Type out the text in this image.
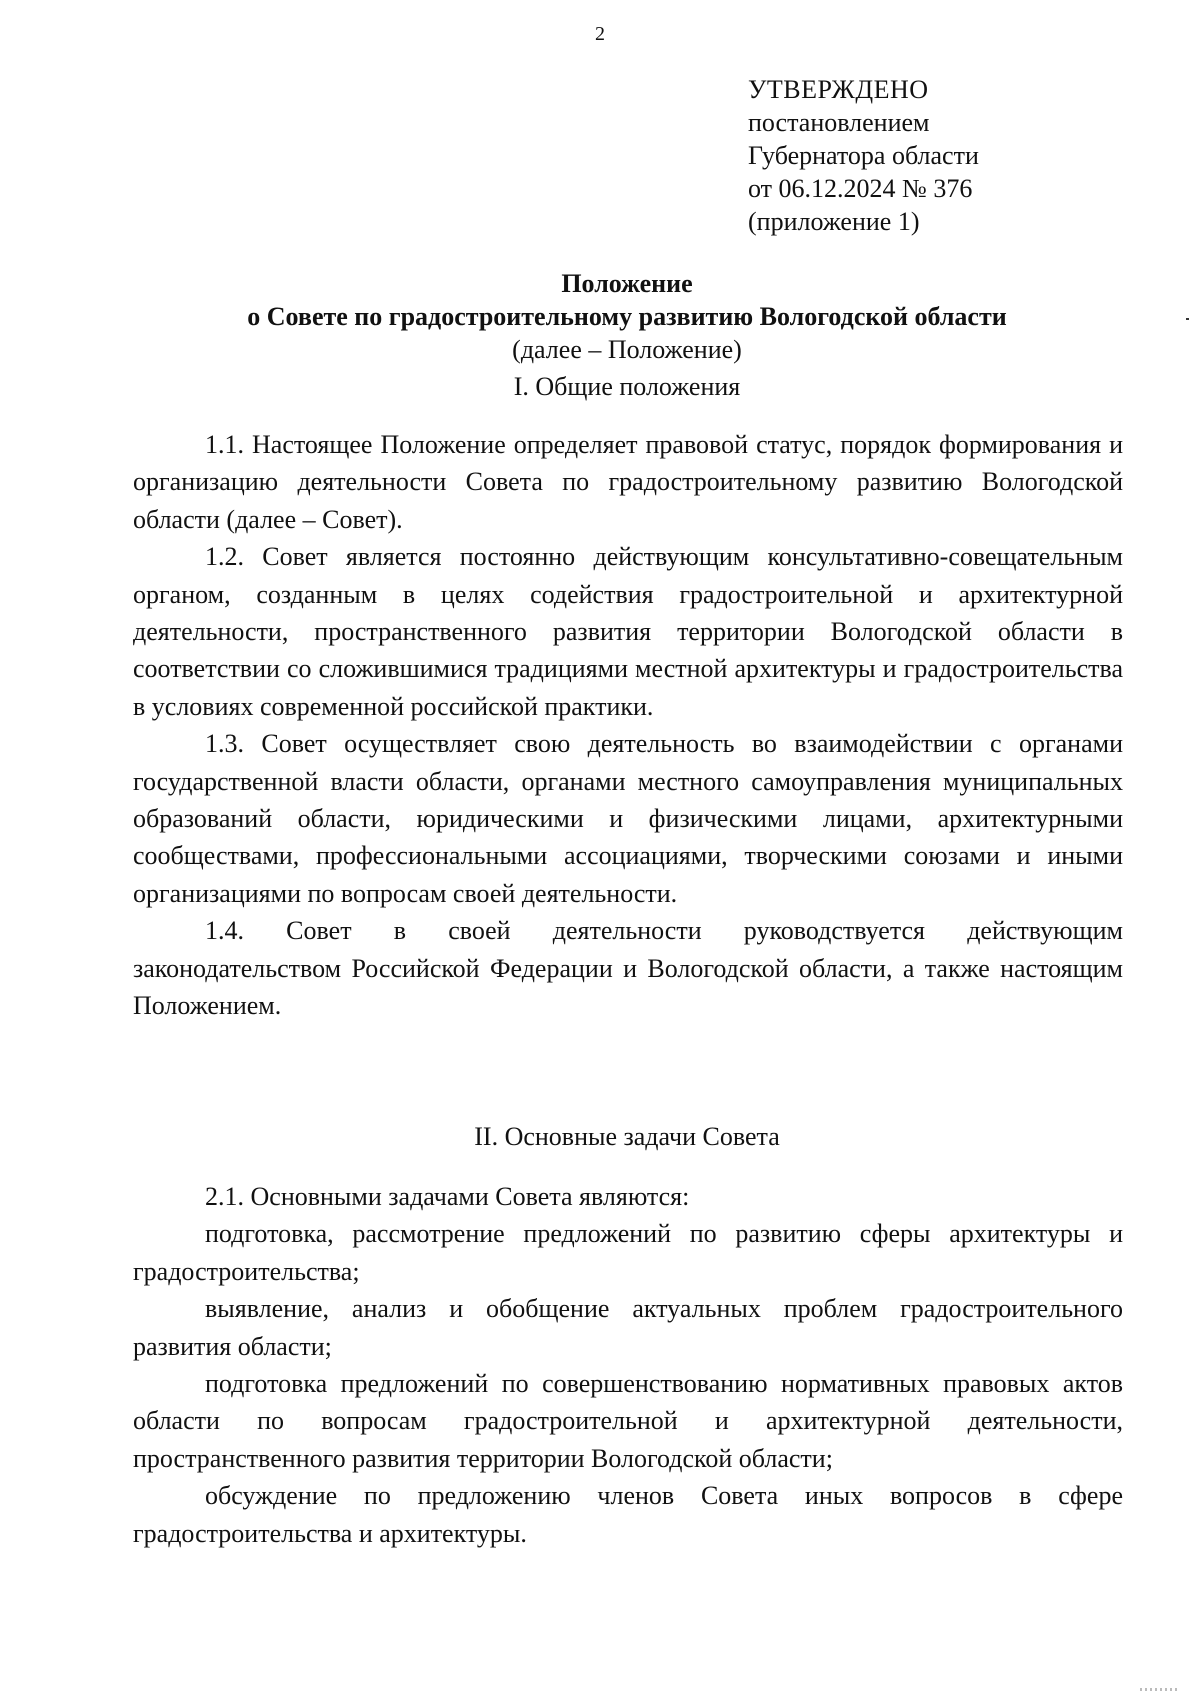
2
УТВЕРЖДЕНО
постановлением
Губернатора области
от 06.12.2024 № 376
(приложение 1)
Положение
о Совете по градостроительному развитию Вологодской области
(далее – Положение)
I. Общие положения

1.1. Настоящее Положение определяет правовой статус, порядок формирования и организацию деятельности Совета по градостроительному развитию Вологодской области (далее – Совет).

1.2. Совет является постоянно действующим консультативно-совещательным органом, созданным в целях содействия градостроительной и архитектурной деятельности, пространственного развития территории Вологодской области в соответствии со сложившимися традициями местной архитектуры и градостроительства в условиях современной российской практики.

1.3. Совет осуществляет свою деятельность во взаимодействии с органами государственной власти области, органами местного самоуправления муниципальных образований области, юридическими и физическими лицами, архитектурными сообществами, профессиональными ассоциациями, творческими союзами и иными организациями по вопросам своей деятельности.

1.4. Совет в своей деятельности руководствуется действующим законодательством Российской Федерации и Вологодской области, а также настоящим Положением.

II. Основные задачи Совета

2.1. Основными задачами Совета являются:

подготовка, рассмотрение предложений по развитию сферы архитектуры и градостроительства;

выявление, анализ и обобщение актуальных проблем градостроительного развития области;

подготовка предложений по совершенствованию нормативных правовых актов области по вопросам градостроительной и архитектурной деятельности, пространственного развития территории Вологодской области;

обсуждение по предложению членов Совета иных вопросов в сфере градостроительства и архитектуры.
